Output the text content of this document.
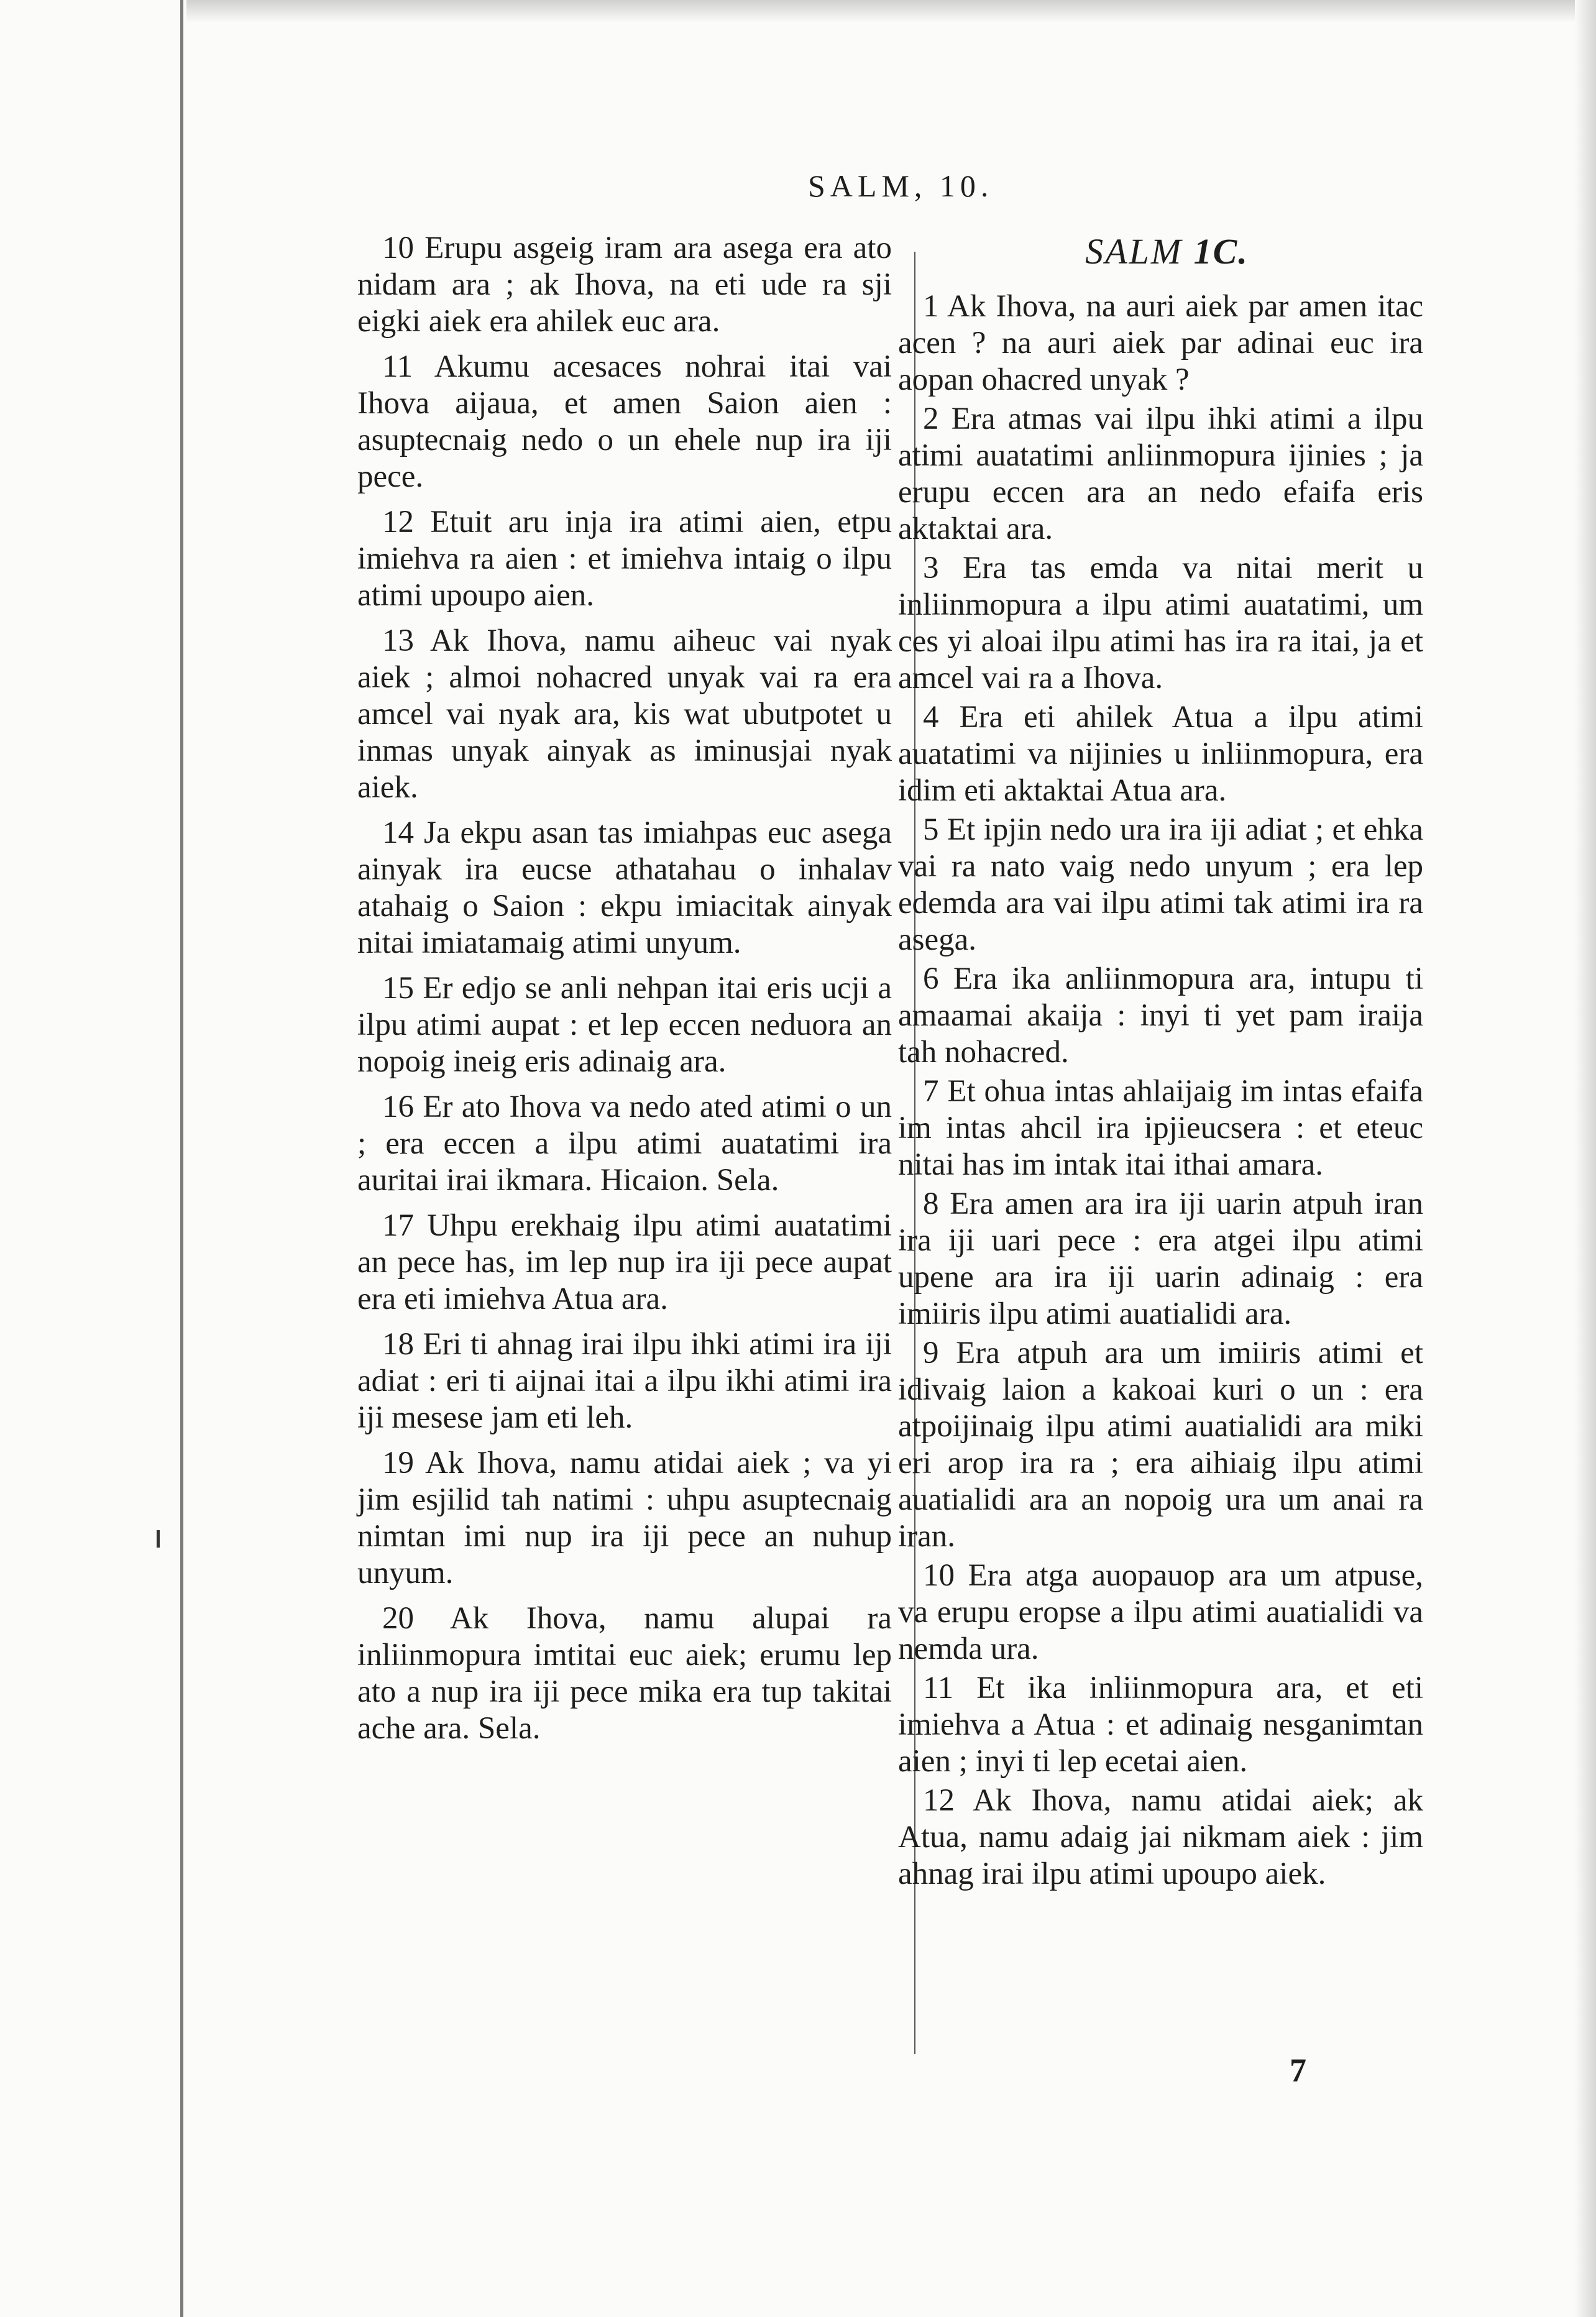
SALM, 10.

10 Erupu asgeig iram ara asega era ato nidam ara ; ak Ihova, na eti ude ra sji eigki aiek era ahilek euc ara.

11 Akumu acesaces nohrai itai vai Ihova aijaua, et amen Saion aien : asuptecnaig nedo o un ehele nup ira iji pece.

12 Etuit aru inja ira atimi aien, etpu imiehva ra aien : et imiehva intaig o ilpu atimi upoupo aien.

13 Ak Ihova, namu aiheuc vai nyak aiek ; almoi nohacred unyak vai ra era amcel vai nyak ara, kis wat ubutpotet u inmas unyak ainyak as iminusjai nyak aiek.

14 Ja ekpu asan tas imiahpas euc asega ainyak ira eucse athatahau o inhalav atahaig o Saion : ekpu imiacitak ainyak nitai imiatamaig atimi unyum.

15 Er edjo se anli nehpan itai eris ucji a ilpu atimi aupat : et lep eccen neduora an nopoig ineig eris adinaig ara.

16 Er ato Ihova va nedo ated atimi o un ; era eccen a ilpu atimi auatatimi ira auritai irai ikmara. Hicaion. Sela.

17 Uhpu erekhaig ilpu atimi auatatimi an pece has, im lep nup ira iji pece aupat era eti imiehva Atua ara.

18 Eri ti ahnag irai ilpu ihki atimi ira iji adiat : eri ti aijnai itai a ilpu ikhi atimi ira iji mesese jam eti leh.

19 Ak Ihova, namu atidai aiek ; va yi jim esjilid tah natimi : uhpu asuptecnaig nimtan imi nup ira iji pece an nuhup unyum.

20 Ak Ihova, namu alupai ra inliinmopura imtitai euc aiek; erumu lep ato a nup ira iji pece mika era tup takitai ache ara. Sela.

SALM 1C.

1 Ak Ihova, na auri aiek par amen itac acen ? na auri aiek par adinai euc ira aopan ohacred unyak ?

2 Era atmas vai ilpu ihki atimi a ilpu atimi auatatimi anliinmopura ijinies ; ja erupu eccen ara an nedo efaifa eris aktaktai ara.

3 Era tas emda va nitai merit u inliinmopura a ilpu atimi auatatimi, um ces yi aloai ilpu atimi has ira ra itai, ja et amcel vai ra a Ihova.

4 Era eti ahilek Atua a ilpu atimi auatatimi va nijinies u inliinmopura, era idim eti aktaktai Atua ara.

5 Et ipjin nedo ura ira iji adiat ; et ehka vai ra nato vaig nedo unyum ; era lep edemda ara vai ilpu atimi tak atimi ira ra asega.

6 Era ika anliinmopura ara, intupu ti amaamai akaija : inyi ti yet pam iraija tah nohacred.

7 Et ohua intas ahlaijaig im intas efaifa im intas ahcil ira ipjieucsera : et eteuc nitai has im intak itai ithai amara.

8 Era amen ara ira iji uarin atpuh iran ira iji uari pece : era atgei ilpu atimi upene ara ira iji uarin adinaig : era imiiris ilpu atimi auatialidi ara.

9 Era atpuh ara um imiiris atimi et idivaig laion a kakoai kuri o un : era atpoijinaig ilpu atimi auatialidi ara miki eri arop ira ra ; era aihiaig ilpu atimi auatialidi ara an nopoig ura um anai ra iran.

10 Era atga auopauop ara um atpuse, va erupu eropse a ilpu atimi auatialidi va nemda ura.

11 Et ika inliinmopura ara, et eti imiehva a Atua : et adinaig nesganimtan aien ; inyi ti lep ecetai aien.

12 Ak Ihova, namu atidai aiek; ak Atua, namu adaig jai nikmam aiek : jim ahnag irai ilpu atimi upoupo aiek.

7
